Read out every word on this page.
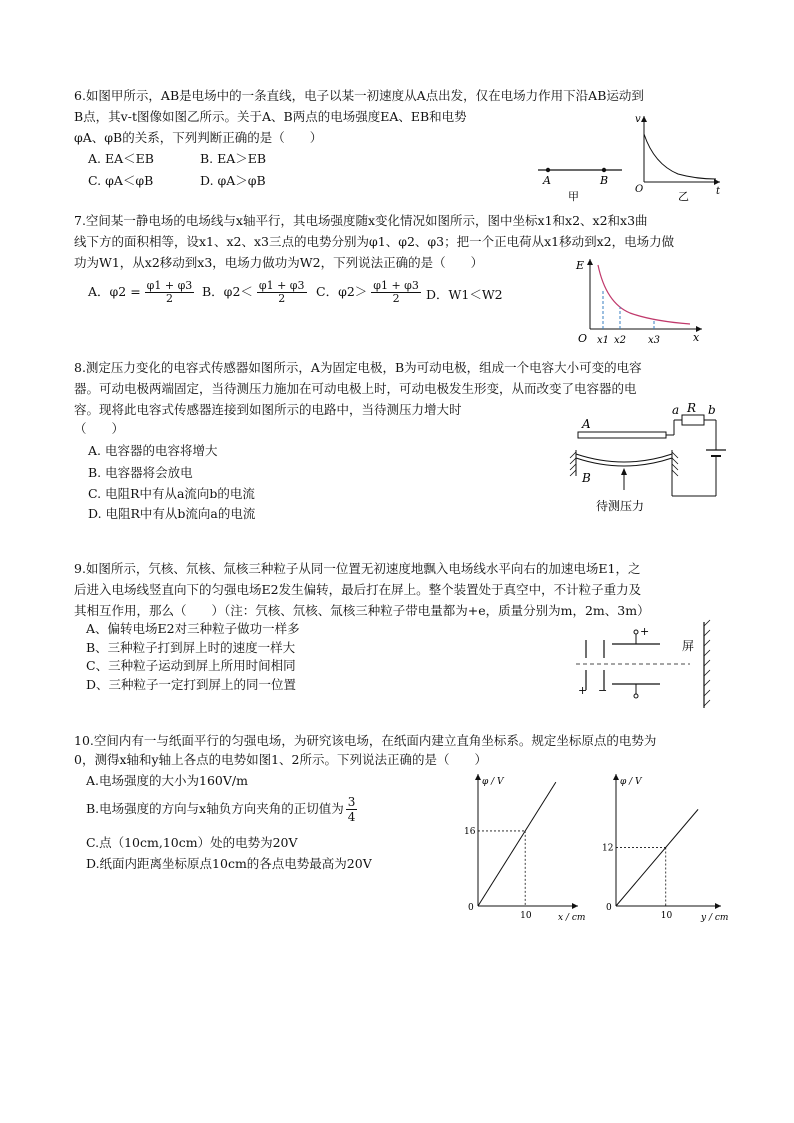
6.如图甲所示，AB是电场中的一条直线，电子以某一初速度从A点出发，仅在电场力作用下沿AB运动到
B点，其v-t图像如图乙所示。关于A、B两点的电场强度EA、EB和电势
φA、φB的关系，下列判断正确的是（　　）
A. EA＜EB	B. EA＞EB
C. φA＜φB	D. φA＞φB	A	B
甲
v
t
O
乙
7.空间某一静电场的电场线与x轴平行，其电场强度随x变化情况如图所示，图中坐标x1和x2、x2和x3曲
线下方的面积相等，设x1、x2、x3三点的电势分别为φ1、φ2、φ3；把一个正电荷从x1移动到x2，电场力做
功为W1，从x2移动到x3，电场力做功为W2，下列说法正确的是（　　）
A．$\varphi 2 = \frac{\varphi 1 + \varphi 3}{2}$ B．$\varphi 2< \frac{\varphi 1 + \varphi 3}{2}$ C．$\varphi 2> \frac{\varphi 1 + \varphi 3}{2}$ D．W1＜W2
E
x
O x1 x2 x3
8.测定压力变化的电容式传感器如图所示，A为固定电极，B为可动电极，组成一个电容大小可变的电容
器。可动电极两端固定，当待测压力施加在可动电极上时，可动电极发生形变，从而改变了电容器的电
容。现将此电容式传感器连接到如图所示的电路中，当待测压力增大时
（　　）
A. 电容器的电容将增大
B. 电容器将会放电
C. 电阻R中有从a流向b的电流
D. 电阻R中有从b流向a的电流
A
a R b
B
待测压力
9.如图所示，氕核、氘核、氚核三种粒子从同一位置无初速度地飘入电场线水平向右的加速电场E1，之
后进入电场线竖直向下的匀强电场E2发生偏转，最后打在屏上。整个装置处于真空中，不计粒子重力及
其相互作用，那么（　　）（注：氕核、氘核、氚核三种粒子带电量都为+e，质量分别为m，2m、3m）
A、偏转电场E2对三种粒子做功一样多
B、三种粒子打到屏上时的速度一样大
C、三种粒子运动到屏上所用时间相同
D、三种粒子一定打到屏上的同一位置
+
+ −
屏
10.空间内有一与纸面平行的匀强电场，为研究该电场，在纸面内建立直角坐标系。规定坐标原点的电势为
0，测得x轴和y轴上各点的电势如图1、2所示。下列说法正确的是（　　）
A.电场强度的大小为160V/m
B.电场强度的方向与x轴负方向夹角的正切值为 $\frac{3}{4}$
C.点（10cm,10cm）处的电势为20V
D.纸面内距离坐标原点10cm的各点电势最高为20V
16
10
0
φ / V
x / cm
12
10
0
φ / V
y / cm
